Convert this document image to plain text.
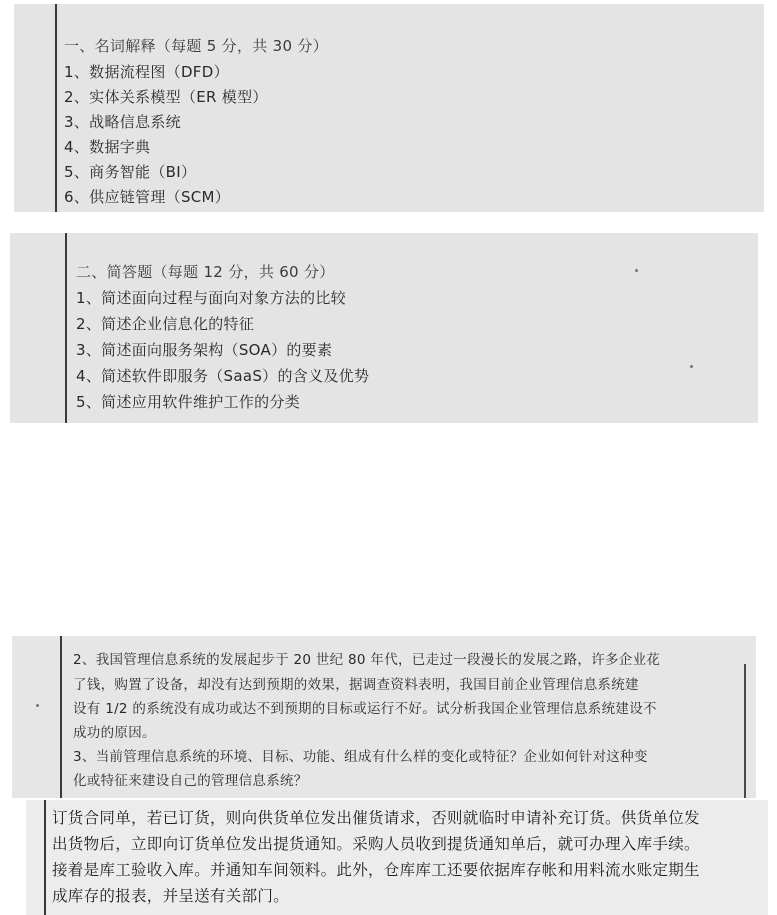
一、名词解释（每题 5 分，共 30 分）
1、数据流程图（DFD）
2、实体关系模型（ER 模型）
3、战略信息系统
4、数据字典
5、商务智能（BI）
6、供应链管理（SCM）
二、简答题（每题 12 分，共 60 分）
1、简述面向过程与面向对象方法的比较
2、简述企业信息化的特征
3、简述面向服务架构（SOA）的要素
4、简述软件即服务（SaaS）的含义及优势
5、简述应用软件维护工作的分类
2、我国管理信息系统的发展起步于 20 世纪 80 年代，已走过一段漫长的发展之路，许多企业花
了钱，购置了设备，却没有达到预期的效果，据调查资料表明，我国目前企业管理信息系统建
设有 1/2 的系统没有成功或达不到预期的目标或运行不好。试分析我国企业管理信息系统建设不
成功的原因。
3、当前管理信息系统的环境、目标、功能、组成有什么样的变化或特征？企业如何针对这种变
化或特征来建设自己的管理信息系统？
订货合同单，若已订货，则向供货单位发出催货请求，否则就临时申请补充订货。供货单位发
出货物后，立即向订货单位发出提货通知。采购人员收到提货通知单后，就可办理入库手续。
接着是库工验收入库。并通知车间领料。此外，仓库库工还要依据库存帐和用料流水账定期生
成库存的报表，并呈送有关部门。
